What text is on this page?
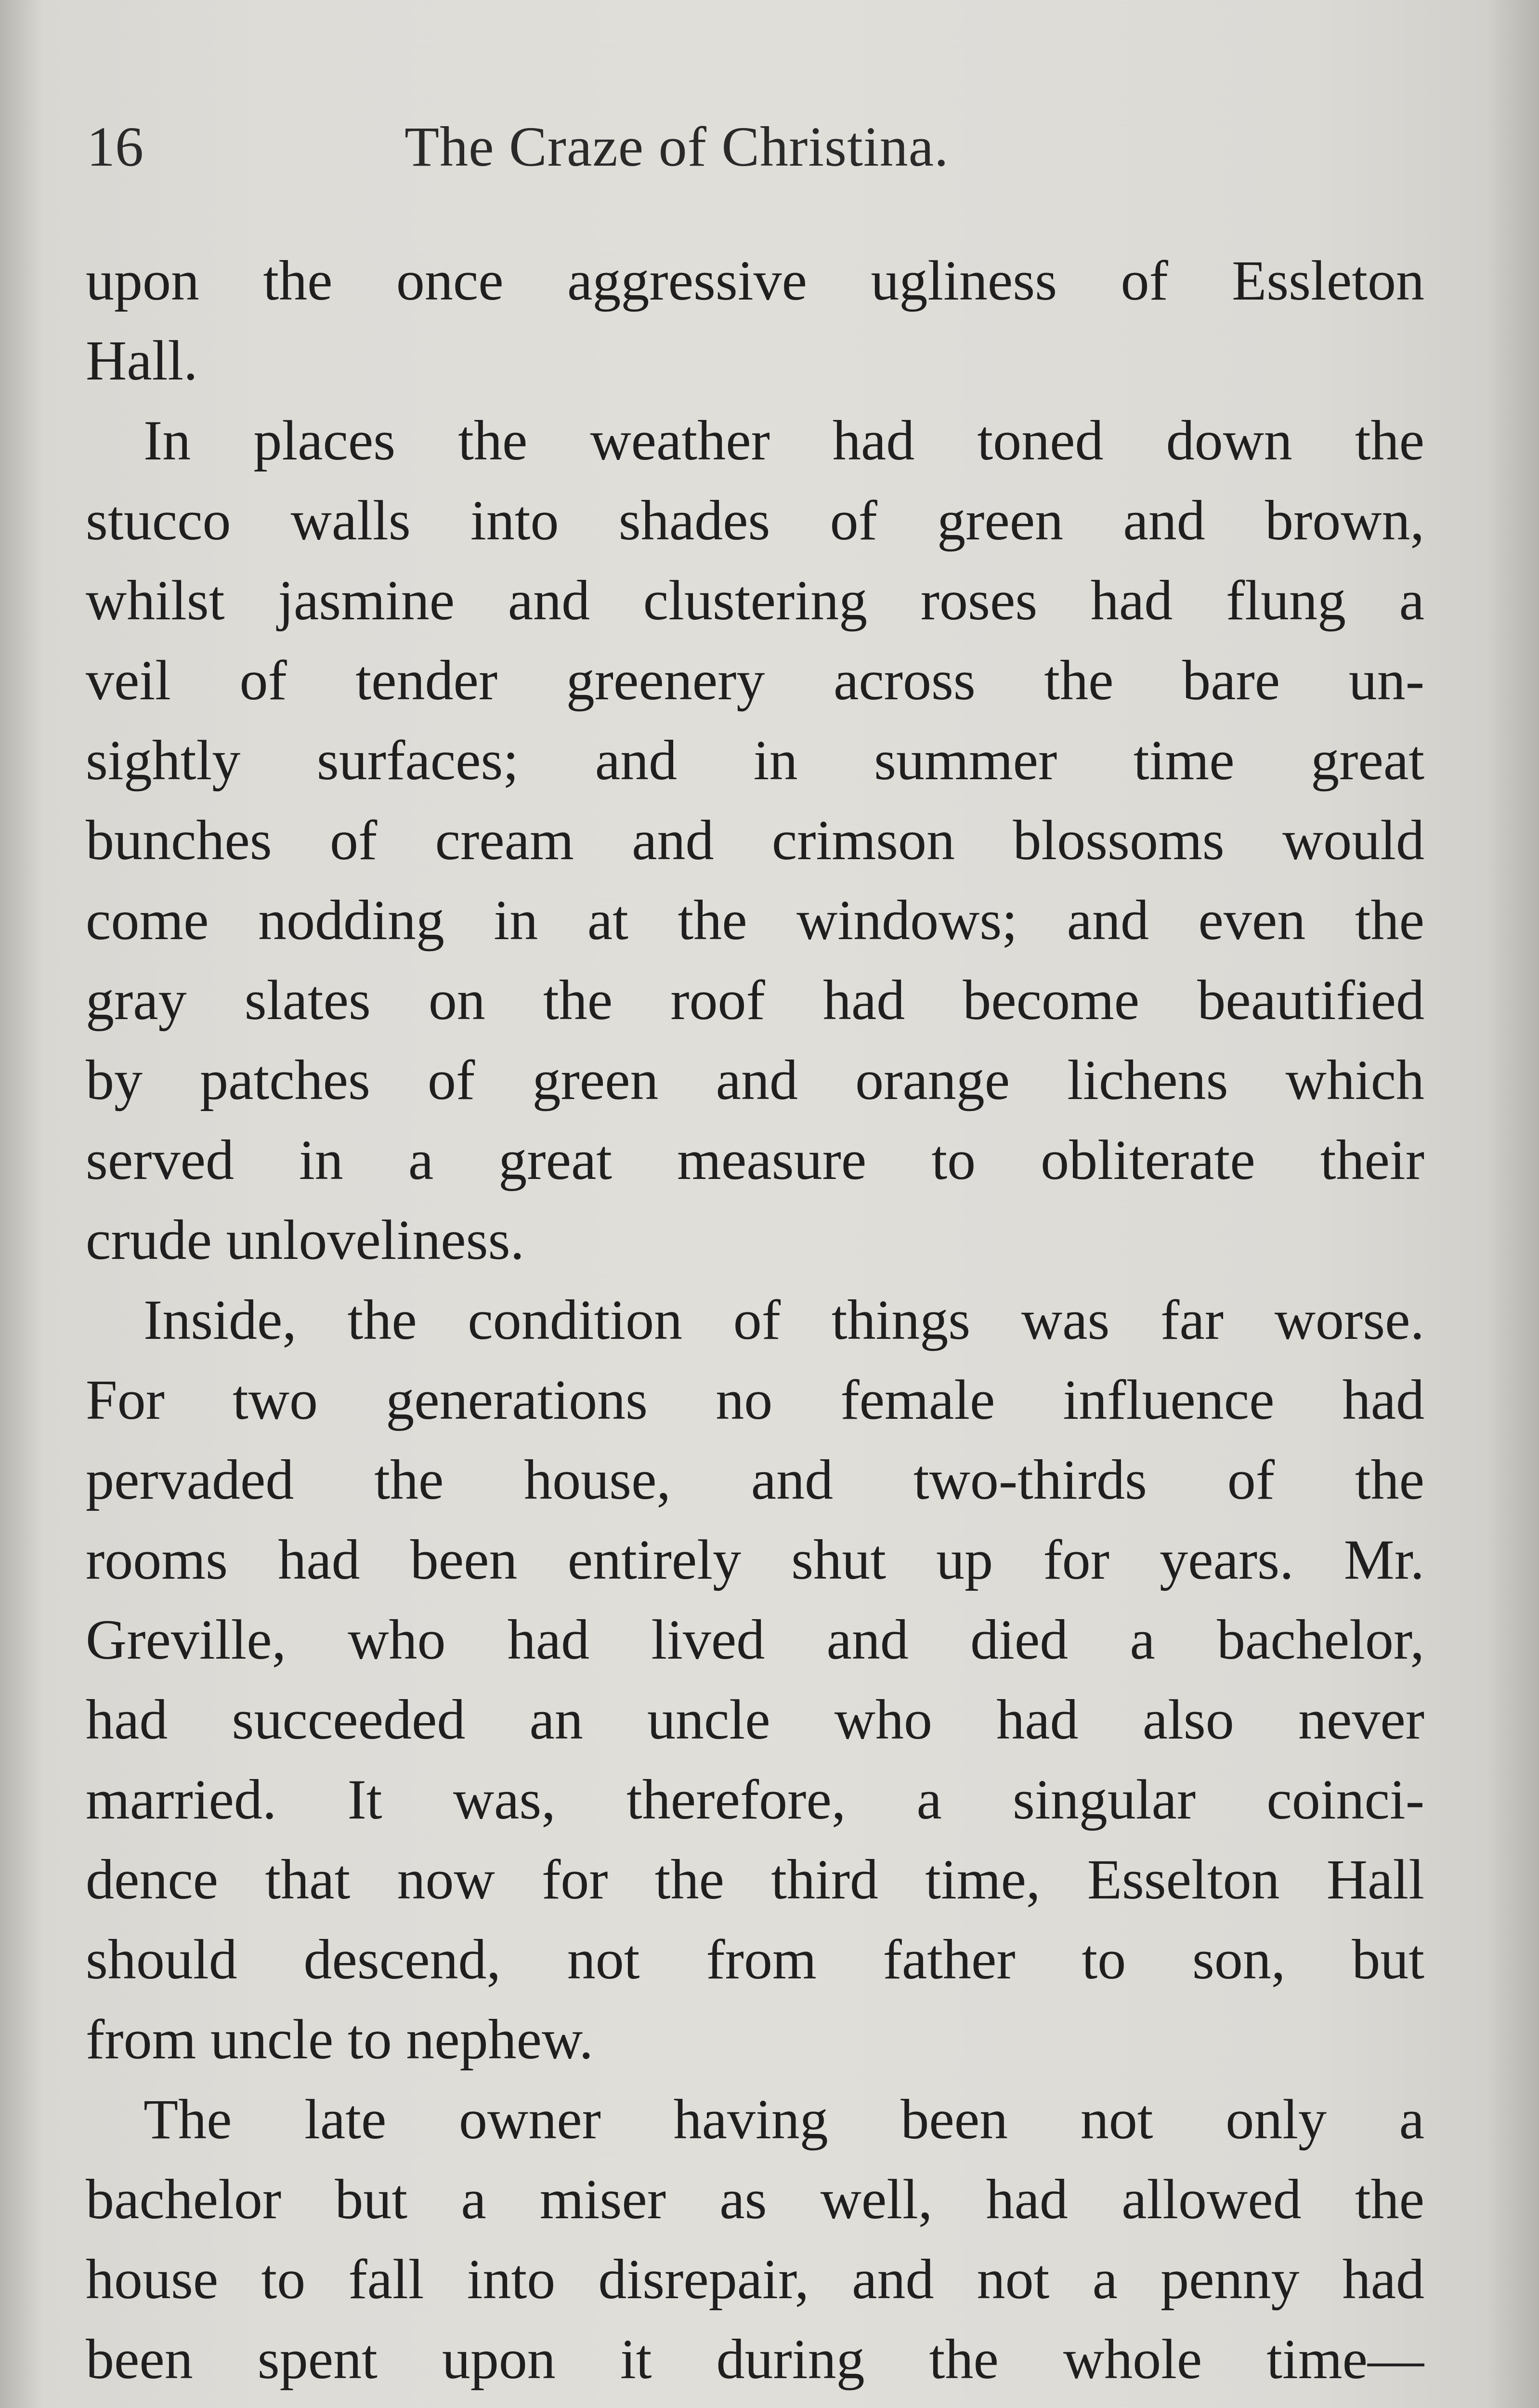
16	The Craze of Christina.
upon the once aggressive ugliness of Essleton
Hall.
In places the weather had toned down the
stucco walls into shades of green and brown,
whilst jasmine and clustering roses had flung a
veil of tender greenery across the bare un-
sightly surfaces; and in summer time great
bunches of cream and crimson blossoms would
come nodding in at the windows; and even the
gray slates on the roof had become beautified
by patches of green and orange lichens which
served in a great measure to obliterate their
crude unloveliness.
Inside, the condition of things was far worse.
For two generations no female influence had
pervaded the house, and two-thirds of the
rooms had been entirely shut up for years. Mr.
Greville, who had lived and died a bachelor,
had succeeded an uncle who had also never
married. It was, therefore, a singular coinci-
dence that now for the third time, Esselton Hall
should descend, not from father to son, but
from uncle to nephew.
The late owner having been not only a
bachelor but a miser as well, had allowed the
house to fall into disrepair, and not a penny had
been spent upon it during the whole time—
